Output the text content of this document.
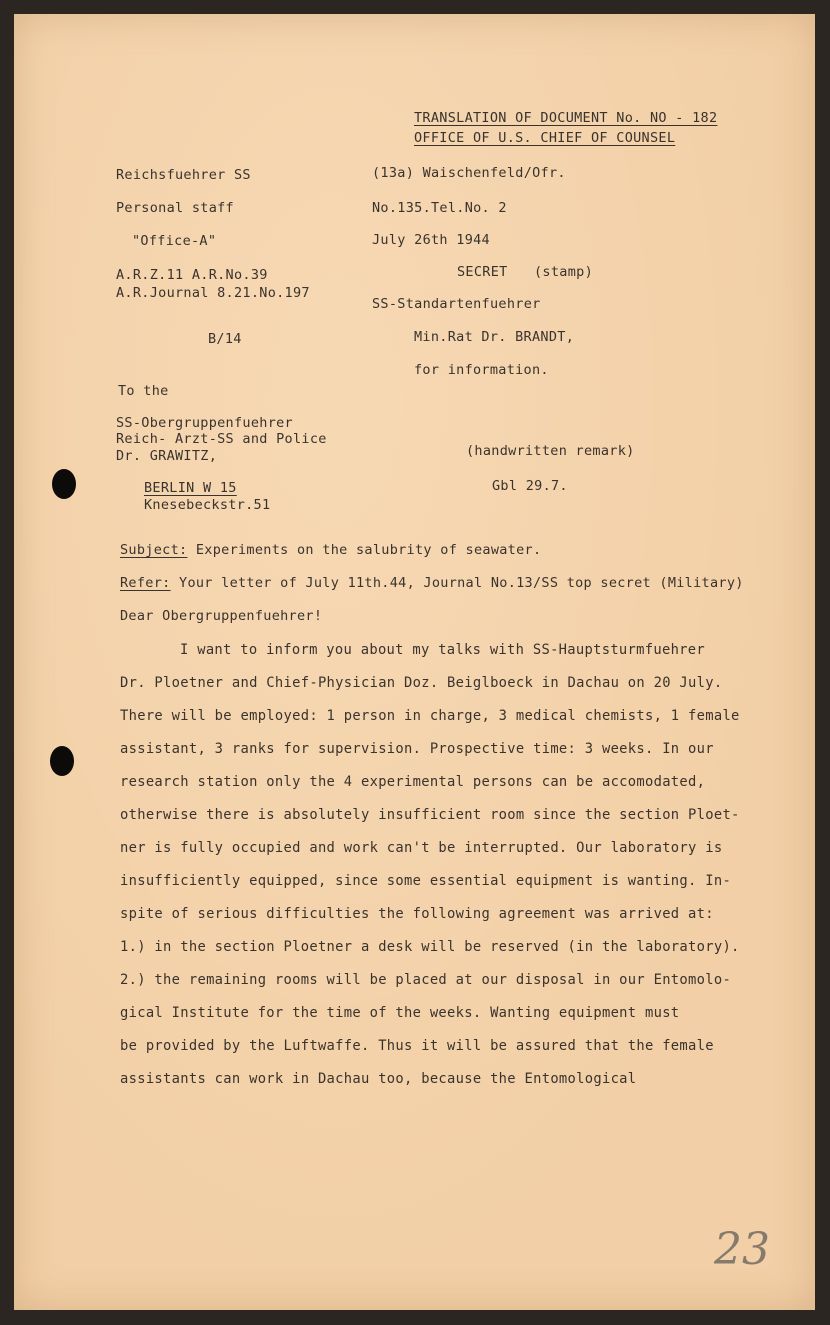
TRANSLATION OF DOCUMENT No. NO - 182
OFFICE OF U.S. CHIEF OF COUNSEL
Reichsfuehrer SS
Personal staff
"Office-A"
A.R.Z.11 A.R.No.39
A.R.Journal 8.21.No.197
B/14
(13a) Waischenfeld/Ofr.
No.135.Tel.No. 2
July 26th 1944
SECRET (stamp)
SS-Standartenfuehrer
Min.Rat Dr. BRANDT,
for information.
To the
SS-Obergruppenfuehrer
Reich- Arzt-SS and Police
Dr. GRAWITZ,
BERLIN W 15
Knesebeckstr.51
(handwritten remark)
Gbl 29.7.
Subject: Experiments on the salubrity of seawater.
Refer: Your letter of July 11th.44, Journal No.13/SS top secret (Military)
Dear Obergruppenfuehrer!
I want to inform you about my talks with SS-Hauptsturmfuehrer
Dr. Ploetner and Chief-Physician Doz. Beiglboeck in Dachau on 20 July.
There will be employed: 1 person in charge, 3 medical chemists, 1 female
assistant, 3 ranks for supervision. Prospective time: 3 weeks. In our
research station only the 4 experimental persons can be accomodated,
otherwise there is absolutely insufficient room since the section Ploet-
ner is fully occupied and work can't be interrupted. Our laboratory is
insufficiently equipped, since some essential equipment is wanting. In-
spite of serious difficulties the following agreement was arrived at:
1.) in the section Ploetner a desk will be reserved (in the laboratory).
2.) the remaining rooms will be placed at our disposal in our Entomolo-
gical Institute for the time of the weeks. Wanting equipment must
be provided by the Luftwaffe. Thus it will be assured that the female
assistants can work in Dachau too, because the Entomological
23
